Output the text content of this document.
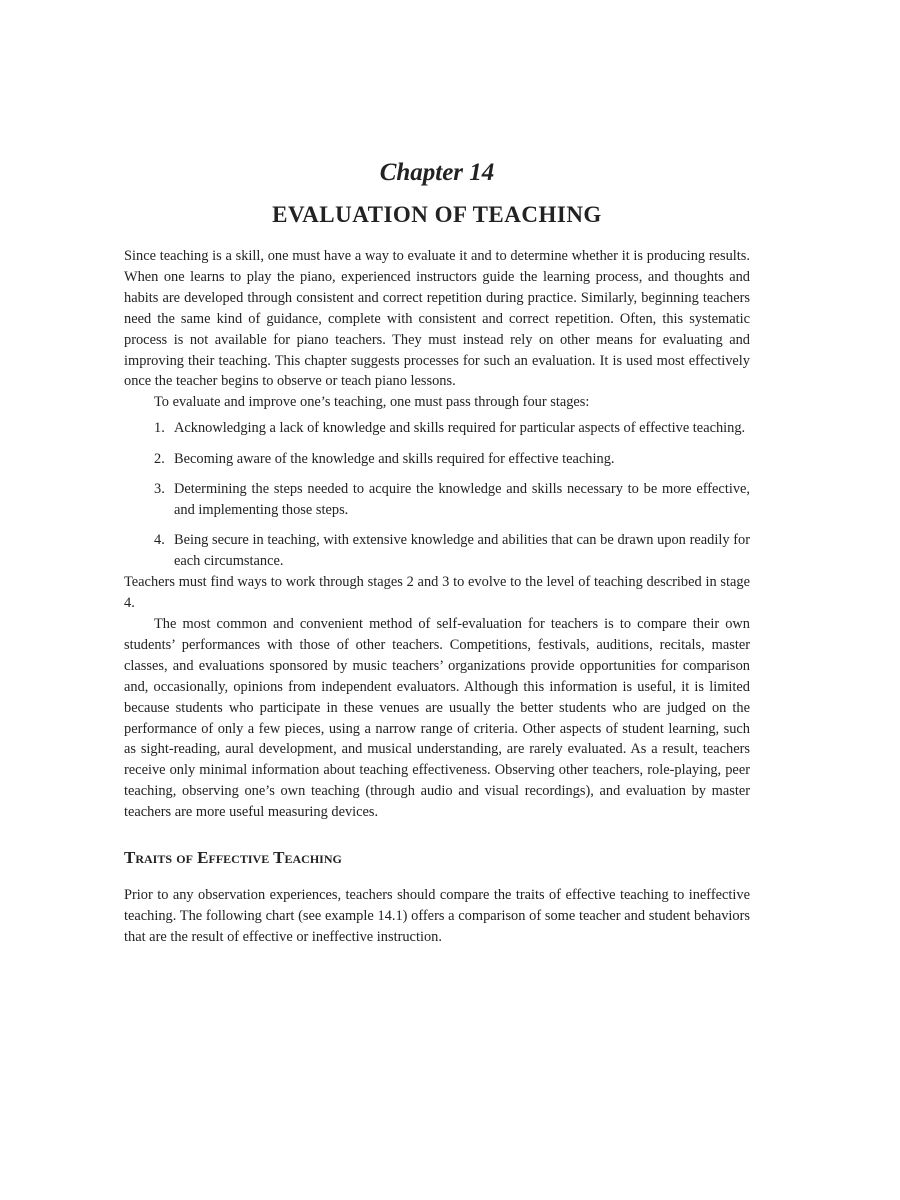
Chapter 14
EVALUATION OF TEACHING

Since teaching is a skill, one must have a way to evaluate it and to determine whether it is producing results. When one learns to play the piano, experienced instructors guide the learning process, and thoughts and habits are developed through consistent and correct repetition during practice. Similarly, beginning teachers need the same kind of guidance, complete with consistent and correct repetition. Often, this systematic process is not available for piano teachers. They must instead rely on other means for evaluating and improving their teaching. This chapter suggests processes for such an evaluation. It is used most effectively once the teacher begins to observe or teach piano lessons.

To evaluate and improve one’s teaching, one must pass through four stages:

1. Acknowledging a lack of knowledge and skills required for particular aspects of effective teaching.
2. Becoming aware of the knowledge and skills required for effective teaching.
3. Determining the steps needed to acquire the knowledge and skills necessary to be more effective, and implementing those steps.
4. Being secure in teaching, with extensive knowledge and abilities that can be drawn upon readily for each circumstance.

Teachers must find ways to work through stages 2 and 3 to evolve to the level of teaching described in stage 4.

The most common and convenient method of self-evaluation for teachers is to compare their own students’ performances with those of other teachers. Competitions, festivals, auditions, recitals, master classes, and evaluations sponsored by music teachers’ organizations provide opportunities for comparison and, occasionally, opinions from independent evaluators. Although this information is useful, it is limited because students who participate in these venues are usually the better students who are judged on the performance of only a few pieces, using a narrow range of criteria. Other aspects of student learning, such as sight-reading, aural development, and musical understanding, are rarely evaluated. As a result, teachers receive only minimal information about teaching effectiveness. Observing other teachers, role-playing, peer teaching, observing one’s own teaching (through audio and visual recordings), and evaluation by master teachers are more useful measuring devices.

Traits of Effective Teaching

Prior to any observation experiences, teachers should compare the traits of effective teaching to ineffective teaching. The following chart (see example 14.1) offers a comparison of some teacher and student behaviors that are the result of effective or ineffective instruction.
